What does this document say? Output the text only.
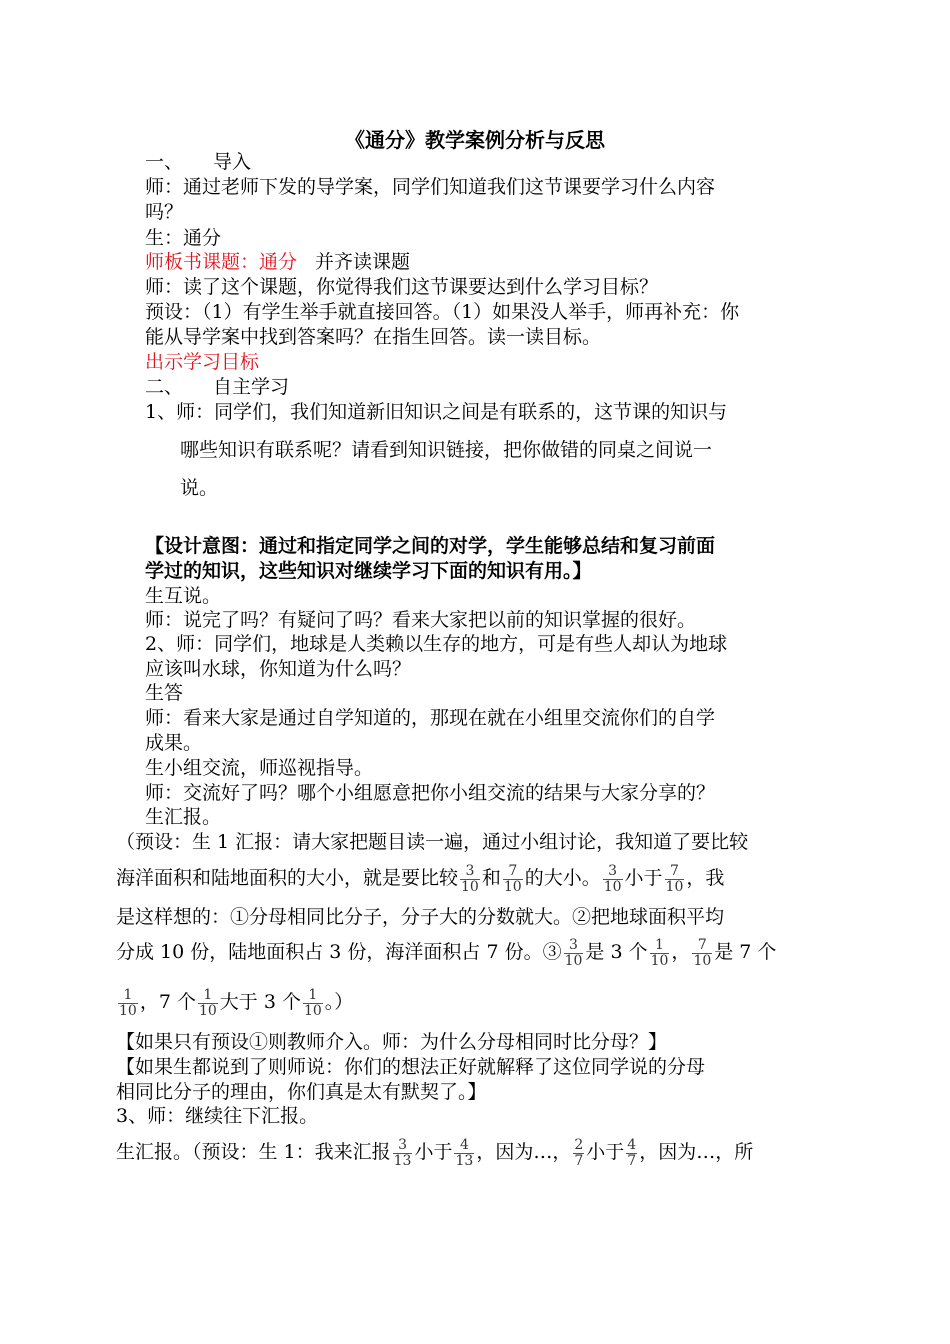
《通分》教学案例分析与反思
一、 导入
师：通过老师下发的导学案，同学们知道我们这节课要学习什么内容
吗？
生：通分
师板书课题：通分 并齐读课题
师：读了这个课题，你觉得我们这节课要达到什么学习目标？
预设：（1）有学生举手就直接回答。（1）如果没人举手，师再补充：你
能从导学案中找到答案吗？在指生回答。读一读目标。
出示学习目标
二、 自主学习
1、师：同学们，我们知道新旧知识之间是有联系的，这节课的知识与
哪些知识有联系呢？请看到知识链接，把你做错的同桌之间说一
说。
【设计意图：通过和指定同学之间的对学，学生能够总结和复习前面
学过的知识，这些知识对继续学习下面的知识有用。】
生互说。
师：说完了吗？有疑问了吗？看来大家把以前的知识掌握的很好。
2、师：同学们，地球是人类赖以生存的地方，可是有些人却认为地球
应该叫水球，你知道为什么吗？
生答
师：看来大家是通过自学知道的，那现在就在小组里交流你们的自学
成果。
生小组交流，师巡视指导。
师：交流好了吗？哪个小组愿意把你小组交流的结果与大家分享的？
生汇报。
（预设：生 1 汇报：请大家把题目读一遍，通过小组讨论，我知道了要比较
海洋面积和陆地面积的大小，就是要比较 $\frac{3}{10}$ 和 $\frac{7}{10}$ 的大小。 $\frac{3}{10}$ 小于 $\frac{7}{10}$ ，我
是这样想的：①分母相同比分子，分子大的分数就大。②把地球面积平均
分成 10 份，陆地面积占 3 份，海洋面积占 7 份。③ $\frac{3}{10}$ 是 3 个 $\frac{1}{10}$ ， $\frac{7}{10}$ 是 7 个
$\frac{1}{10}$ ，7 个 $\frac{1}{10}$ 大于 3 个 $\frac{1}{10}$ 。）
【如果只有预设①则教师介入。师：为什么分母相同时比分母？】
【如果生都说到了则师说：你们的想法正好就解释了这位同学说的分母
相同比分子的理由，你们真是太有默契了。】
3、师：继续往下汇报。
生汇报。（预设：生 1：我来汇报 $\frac{3}{13}$ 小于 $\frac{4}{13}$ ，因为…， $\frac{2}{7}$ 小于 $\frac{4}{7}$ ，因为…，所
